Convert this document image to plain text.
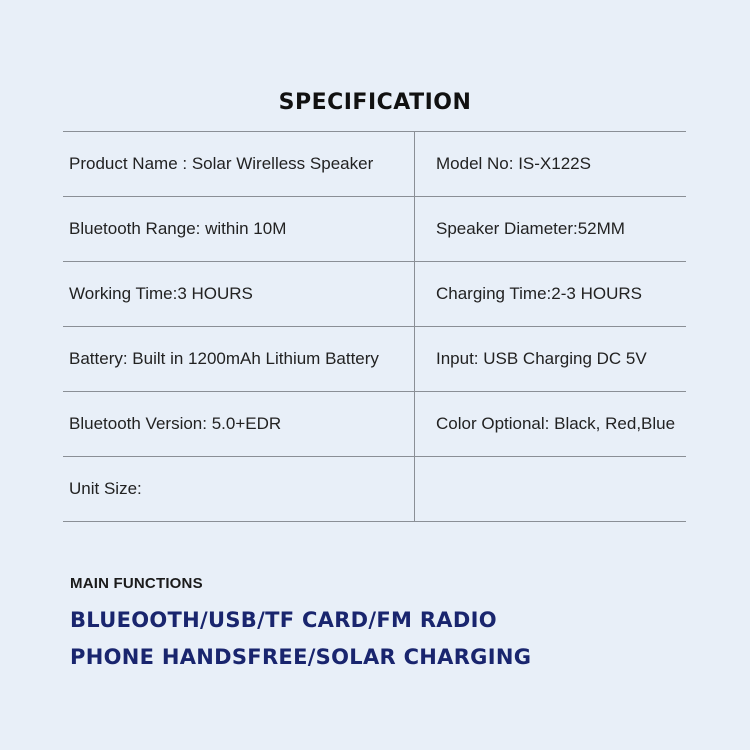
SPECIFICATION
Product Name : Solar Wirelless Speaker	Model No: IS-X122S
Bluetooth Range: within 10M	Speaker Diameter:52MM
Working Time:3 HOURS	Charging Time:2-3 HOURS
Battery: Built in 1200mAh Lithium Battery	Input: USB Charging DC 5V
Bluetooth Version: 5.0+EDR	Color Optional: Black, Red,Blue
Unit Size:
MAIN FUNCTIONS
BLUEOOTH/USB/TF CARD/FM RADIO
PHONE HANDSFREE/SOLAR CHARGING
